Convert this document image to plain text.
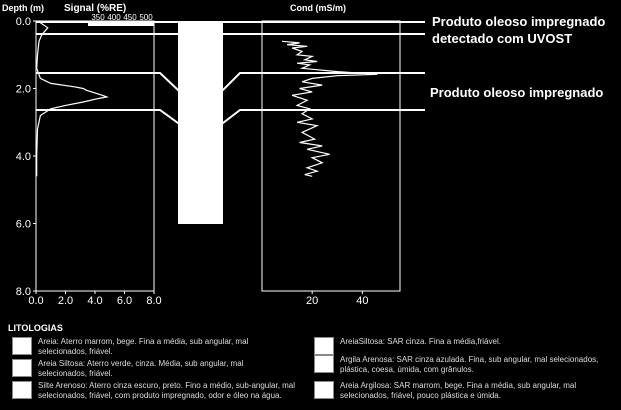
Depth (m) Signal (%RE)	Cond (mS/m)
0.0
2.0
4.0
6.0
8.0
350 400 450 500
0.0 2.0 4.0 6.0 8.0	20	40
Produto oleoso impregnado
detectado com UVOST
Produto oleoso impregnado
LITOLOGIAS
Areia: Aterro marrom, bege. Fina a média, sub angular, mal selecionados, friável.
Areia Siltosa: Aterro verde, cinza. Média, sub angular, mal selecionados, friável.
Silte Arenoso: Aterro cinza escuro, preto. Fino a médio, sub-angular, mal selecionados, friável, com produto impregnado, odor e óleo na água.
AreiaSiltosa: SAR cinza. Fina a média,friável.
Argila Arenosa: SAR cinza azulada. Fina, sub angular, mal selecionados, plástica, coesa, úmida, com grânulos.
Areia Argilosa: SAR marrom, bege. Fina a média, sub angular, mal selecionados, friável, pouco plástica e úmida.
